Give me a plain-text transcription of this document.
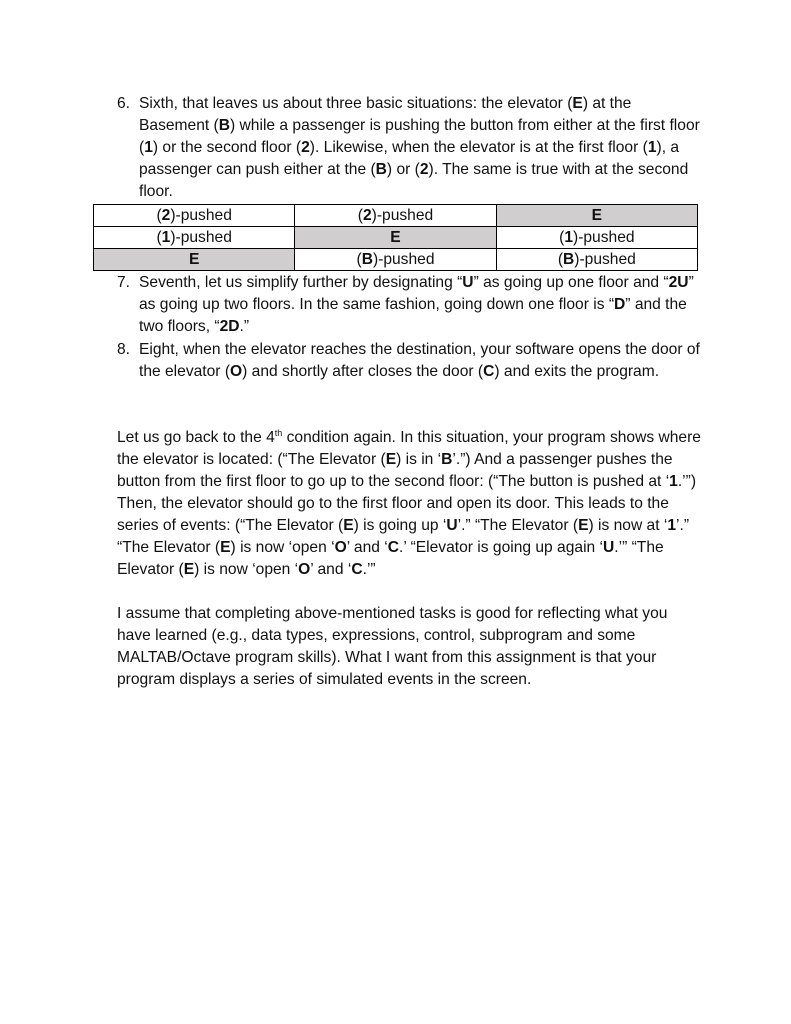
6. Sixth, that leaves us about three basic situations: the elevator (E) at the Basement (B) while a passenger is pushing the button from either at the first floor (1) or the second floor (2). Likewise, when the elevator is at the first floor (1), a passenger can push either at the (B) or (2). The same is true with at the second floor.
(2)-pushed	(2)-pushed	E
(1)-pushed	E	(1)-pushed
E	(B)-pushed	(B)-pushed
7. Seventh, let us simplify further by designating “U” as going up one floor and “2U” as going up two floors. In the same fashion, going down one floor is “D” and the two floors, “2D.”
8. Eight, when the elevator reaches the destination, your software opens the door of the elevator (O) and shortly after closes the door (C) and exits the program.

Let us go back to the 4th condition again. In this situation, your program shows where the elevator is located: (“The Elevator (E) is in ‘B’.”) And a passenger pushes the button from the first floor to go up to the second floor: (“The button is pushed at ‘1.’”) Then, the elevator should go to the first floor and open its door. This leads to the series of events: (“The Elevator (E) is going up ‘U’.” “The Elevator (E) is now at ‘1’.” “The Elevator (E) is now ‘open ‘O’ and ‘C.’ “Elevator is going up again ‘U.’” “The Elevator (E) is now ‘open ‘O’ and ‘C.’”

I assume that completing above-mentioned tasks is good for reflecting what you have learned (e.g., data types, expressions, control, subprogram and some MALTAB/Octave program skills). What I want from this assignment is that your program displays a series of simulated events in the screen.
